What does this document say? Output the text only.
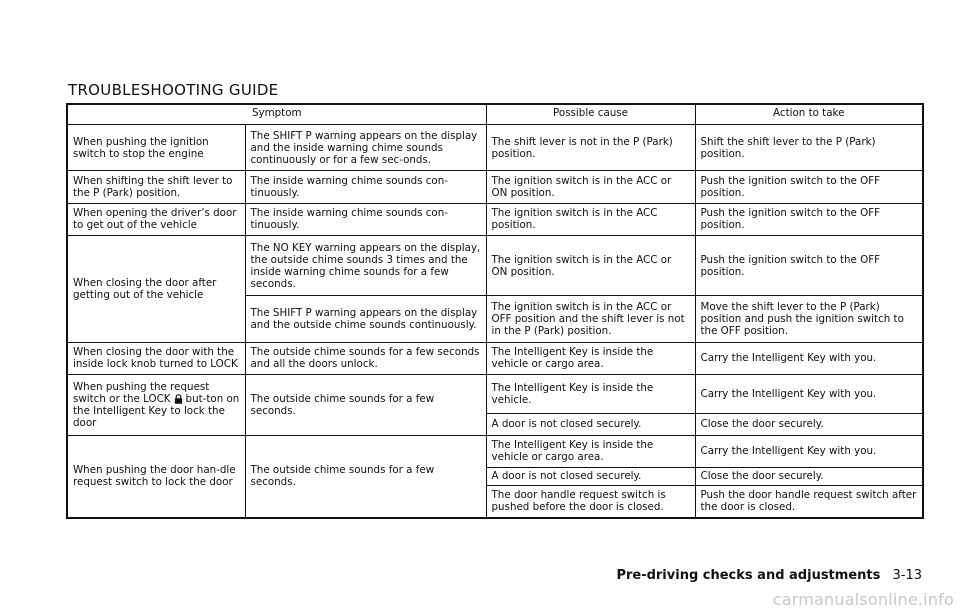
TROUBLESHOOTING GUIDE
Symptom		Possible cause	Action to take
When pushing the ignition switch to stop the engine	The SHIFT P warning appears on the display and the inside warning chime sounds continuously or for a few sec-onds.	The shift lever is not in the P (Park) position.	Shift the shift lever to the P (Park) position.
When shifting the shift lever to the P (Park) position.	The inside warning chime sounds con-tinuously.	The ignition switch is in the ACC or ON position.	Push the ignition switch to the OFF position.
When opening the driver’s door to get out of the vehicle	The inside warning chime sounds con-tinuously.	The ignition switch is in the ACC position.	Push the ignition switch to the OFF position.
When closing the door after getting out of the vehicle	The NO KEY warning appears on the display, the outside chime sounds 3 times and the inside warning chime sounds for a few seconds.	The ignition switch is in the ACC or ON position.	Push the ignition switch to the OFF position.
	The SHIFT P warning appears on the display and the outside chime sounds continuously.	The ignition switch is in the ACC or OFF position and the shift lever is not in the P (Park) position.	Move the shift lever to the P (Park) position and push the ignition switch to the OFF position.
When closing the door with the inside lock knob turned to LOCK	The outside chime sounds for a few seconds and all the doors unlock.	The Intelligent Key is inside the vehicle or cargo area.	Carry the Intelligent Key with you.
When pushing the request switch or the LOCK but-ton on the Intelligent Key to lock the door	The outside chime sounds for a few seconds.	The Intelligent Key is inside the vehicle.	Carry the Intelligent Key with you.
		A door is not closed securely.	Close the door securely.
When pushing the door han-dle request switch to lock the door	The outside chime sounds for a few seconds.	The Intelligent Key is inside the vehicle or cargo area.	Carry the Intelligent Key with you.
		A door is not closed securely.	Close the door securely.
		The door handle request switch is pushed before the door is closed.	Push the door handle request switch after the door is closed.
Pre-driving checks and adjustments 3-13
carmanualsonline.info
